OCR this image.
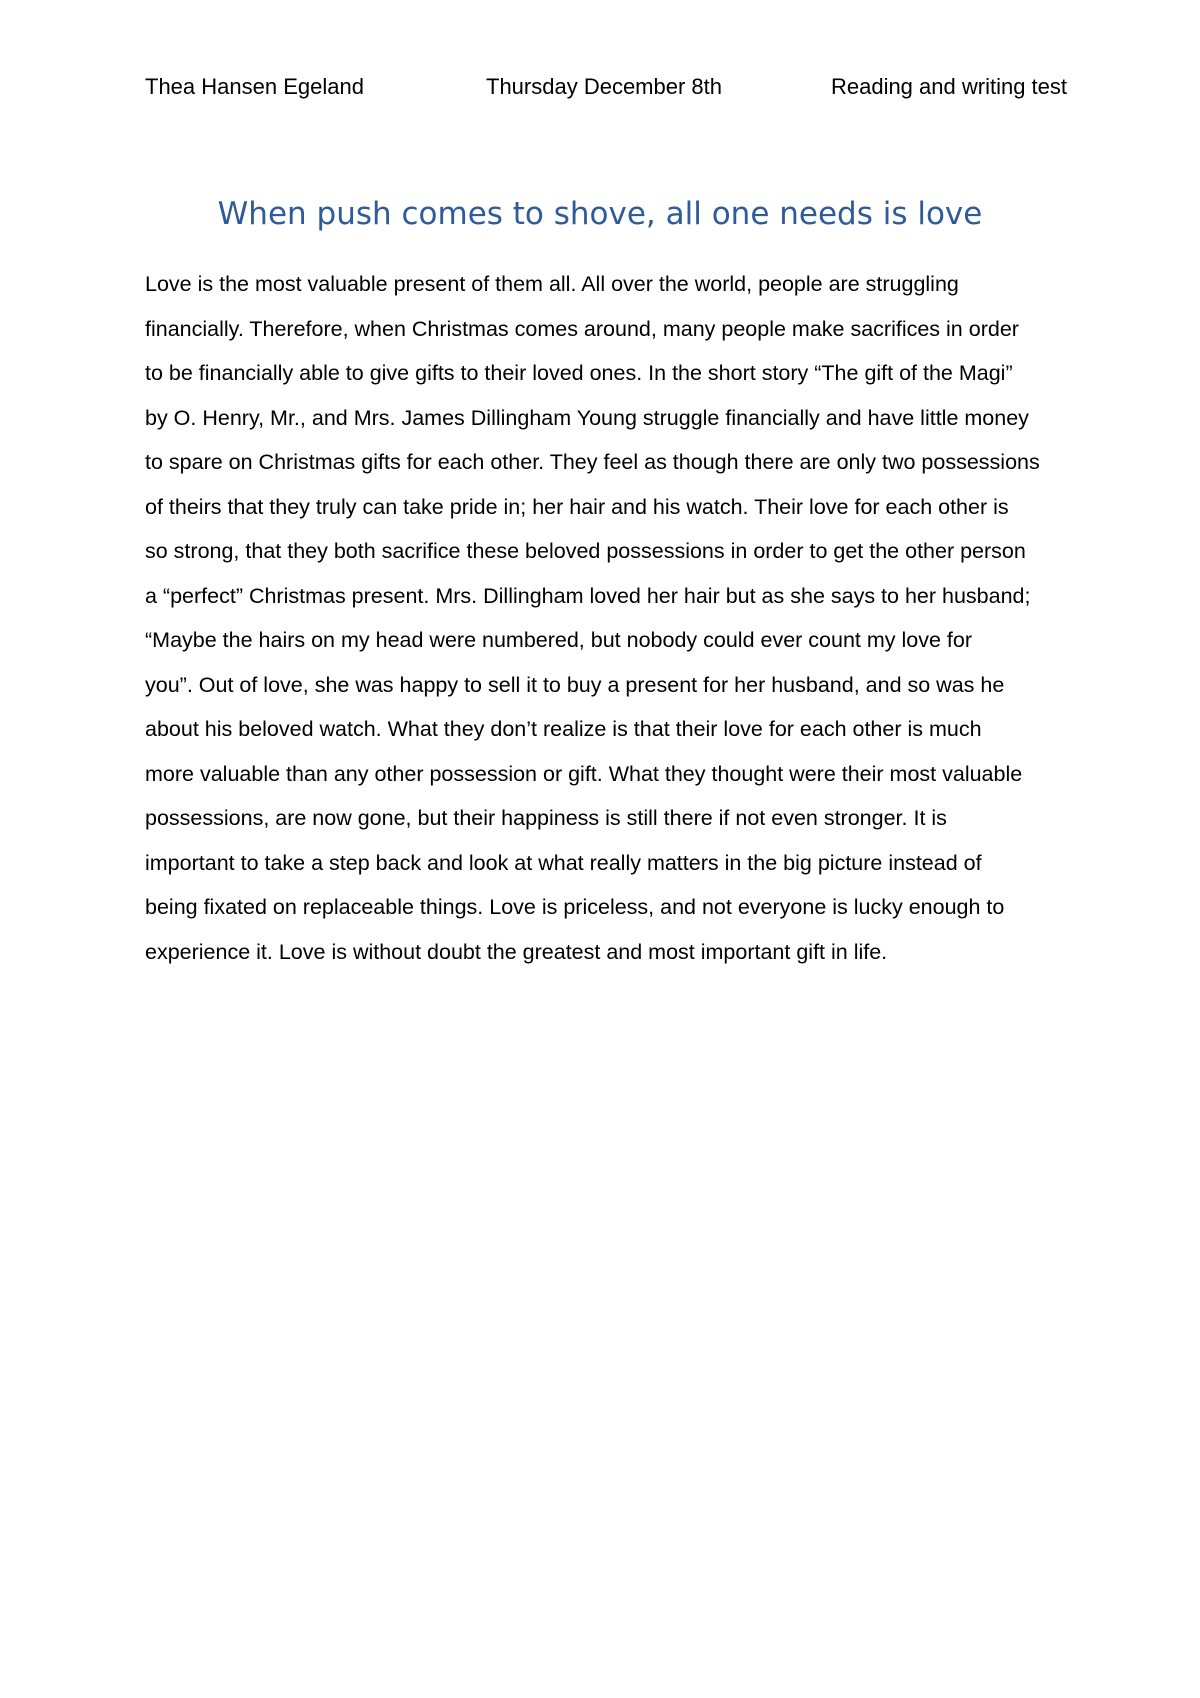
Thea Hansen Egeland	Thursday December 8th	Reading and writing test
When push comes to shove, all one needs is love
Love is the most valuable present of them all. All over the world, people are struggling
financially. Therefore, when Christmas comes around, many people make sacrifices in order
to be financially able to give gifts to their loved ones. In the short story “The gift of the Magi”
by O. Henry, Mr., and Mrs. James Dillingham Young struggle financially and have little money
to spare on Christmas gifts for each other. They feel as though there are only two possessions
of theirs that they truly can take pride in; her hair and his watch. Their love for each other is
so strong, that they both sacrifice these beloved possessions in order to get the other person
a “perfect” Christmas present. Mrs. Dillingham loved her hair but as she says to her husband;
“Maybe the hairs on my head were numbered, but nobody could ever count my love for
you”. Out of love, she was happy to sell it to buy a present for her husband, and so was he
about his beloved watch. What they don’t realize is that their love for each other is much
more valuable than any other possession or gift. What they thought were their most valuable
possessions, are now gone, but their happiness is still there if not even stronger. It is
important to take a step back and look at what really matters in the big picture instead of
being fixated on replaceable things. Love is priceless, and not everyone is lucky enough to
experience it. Love is without doubt the greatest and most important gift in life.
